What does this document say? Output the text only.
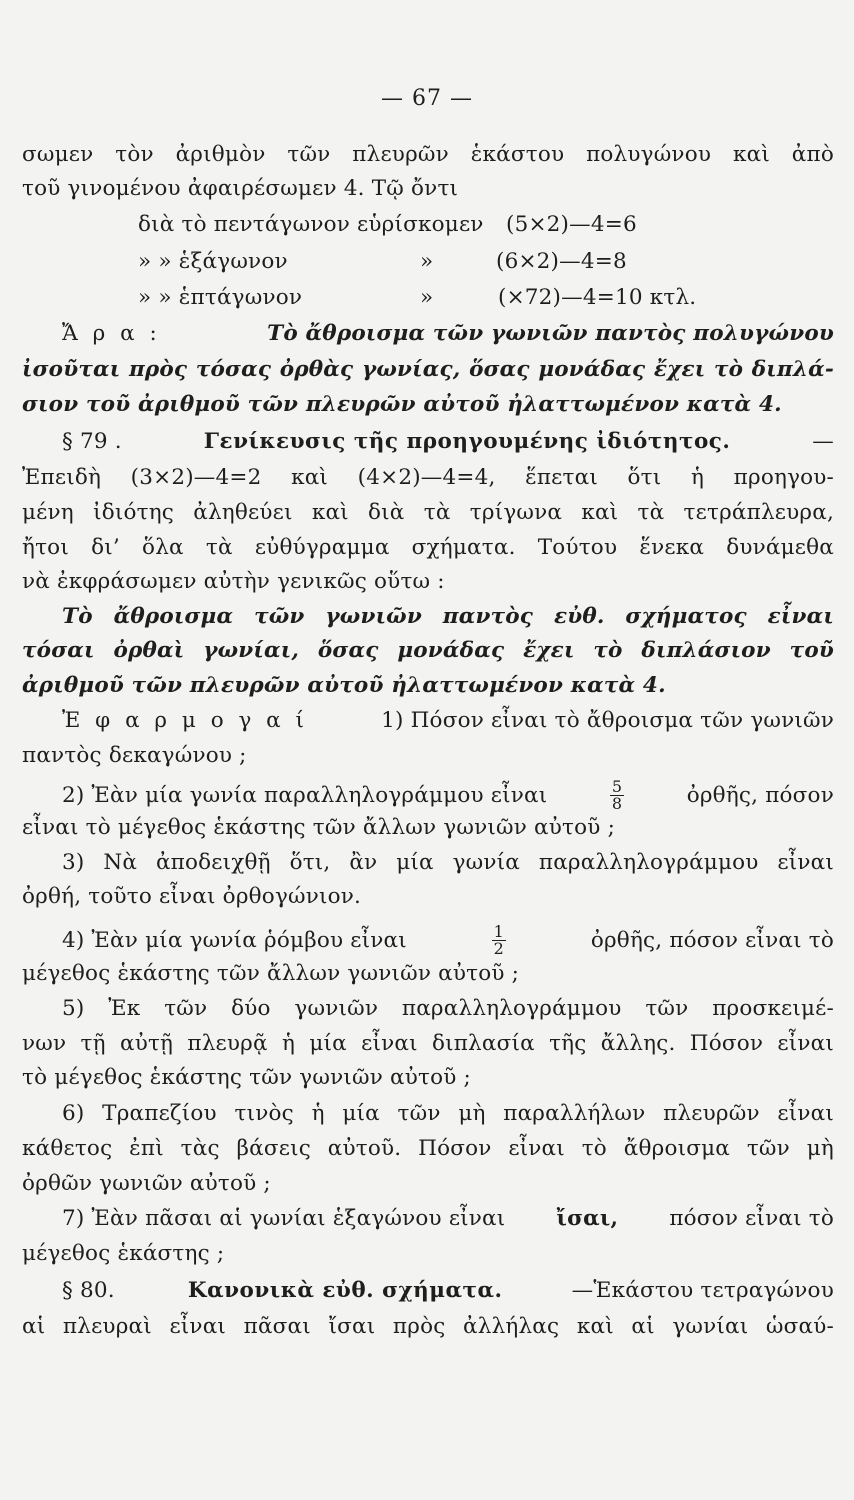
— 67 —
σωμεν τὸν ἀριθμὸν τῶν πλευρῶν ἑκάστου πολυγώνου καὶ ἀπὸ
τοῦ γινομένου ἀφαιρέσωμεν 4. Τῷ ὄντι
διὰ τὸ πεντάγωνον εὑρίσκομεν	(5×2)—4=6
» » ἑξάγωνον	»	(6×2)—4=8
» » ἑπτάγωνον	»	(×72)—4=10 κτλ.
Ἄ ρ α :	Τὸ ἄθροισμα τῶν γωνιῶν παντὸς πολυγώνου
ἰσοῦται πρὸς τόσας ὀρθὰς γωνίας, ὅσας μονάδας ἔχει τὸ διπλά-
σιον τοῦ ἀριθμοῦ τῶν πλευρῶν αὐτοῦ ἠλαττωμένον κατὰ 4.
§ 79 .	Γενίκευσις τῆς προηγουμένης ἰδιότητος.	—
Ἐπειδὴ (3×2)—4=2 καὶ (4×2)—4=4, ἕπεται ὅτι ἡ προηγου-
μένη ἰδιότης ἀληθεύει καὶ διὰ τὰ τρίγωνα καὶ τὰ τετράπλευρα,
ἤτοι δι’ ὅλα τὰ εὐθύγραμμα σχήματα. Τούτου ἕνεκα δυνάμεθα
νὰ ἐκφράσωμεν αὐτὴν γενικῶς οὕτω :
Τὸ ἄθροισμα τῶν γωνιῶν παντὸς εὐθ. σχήματος εἶναι
τόσαι ὀρθαὶ γωνίαι, ὅσας μονάδας ἔχει τὸ διπλάσιον τοῦ
ἀριθμοῦ τῶν πλευρῶν αὐτοῦ ἠλαττωμένον κατὰ 4.
Ἐ φ α ρ μ ο γ α ί	1) Πόσον εἶναι τὸ ἄθροισμα τῶν γωνιῶν
παντὸς δεκαγώνου ;
2) Ἐὰν μία γωνία παραλληλογράμμου εἶναι	$\frac{5}{8}$	ὀρθῆς, πόσον
εἶναι τὸ μέγεθος ἑκάστης τῶν ἄλλων γωνιῶν αὐτοῦ ;
3) Νὰ ἀποδειχθῇ ὅτι, ἂν μία γωνία παραλληλογράμμου εἶναι
ὀρθή, τοῦτο εἶναι ὀρθογώνιον.
4) Ἐὰν μία γωνία ῥόμβου εἶναι	$\frac{1}{2}$	ὀρθῆς, πόσον εἶναι τὸ
μέγεθος ἑκάστης τῶν ἄλλων γωνιῶν αὐτοῦ ;
5) Ἐκ τῶν δύο γωνιῶν παραλληλογράμμου τῶν προσκειμέ-
νων τῇ αὐτῇ πλευρᾷ ἡ μία εἶναι διπλασία τῆς ἄλλης. Πόσον εἶναι
τὸ μέγεθος ἑκάστης τῶν γωνιῶν αὐτοῦ ;
6) Τραπεζίου τινὸς ἡ μία τῶν μὴ παραλλήλων πλευρῶν εἶναι
κάθετος ἐπὶ τὰς βάσεις αὐτοῦ. Πόσον εἶναι τὸ ἄθροισμα τῶν μὴ
ὀρθῶν γωνιῶν αὐτοῦ ;
7) Ἐὰν πᾶσαι αἱ γωνίαι ἑξαγώνου εἶναι ἴσαι, πόσον εἶναι τὸ
μέγεθος ἑκάστης ;
§ 80.	Κανονικὰ εὐθ. σχήματα.	—Ἑκάστου τετραγώνου
αἱ πλευραὶ εἶναι πᾶσαι ἴσαι πρὸς ἀλλήλας καὶ αἱ γωνίαι ὡσαύ-
